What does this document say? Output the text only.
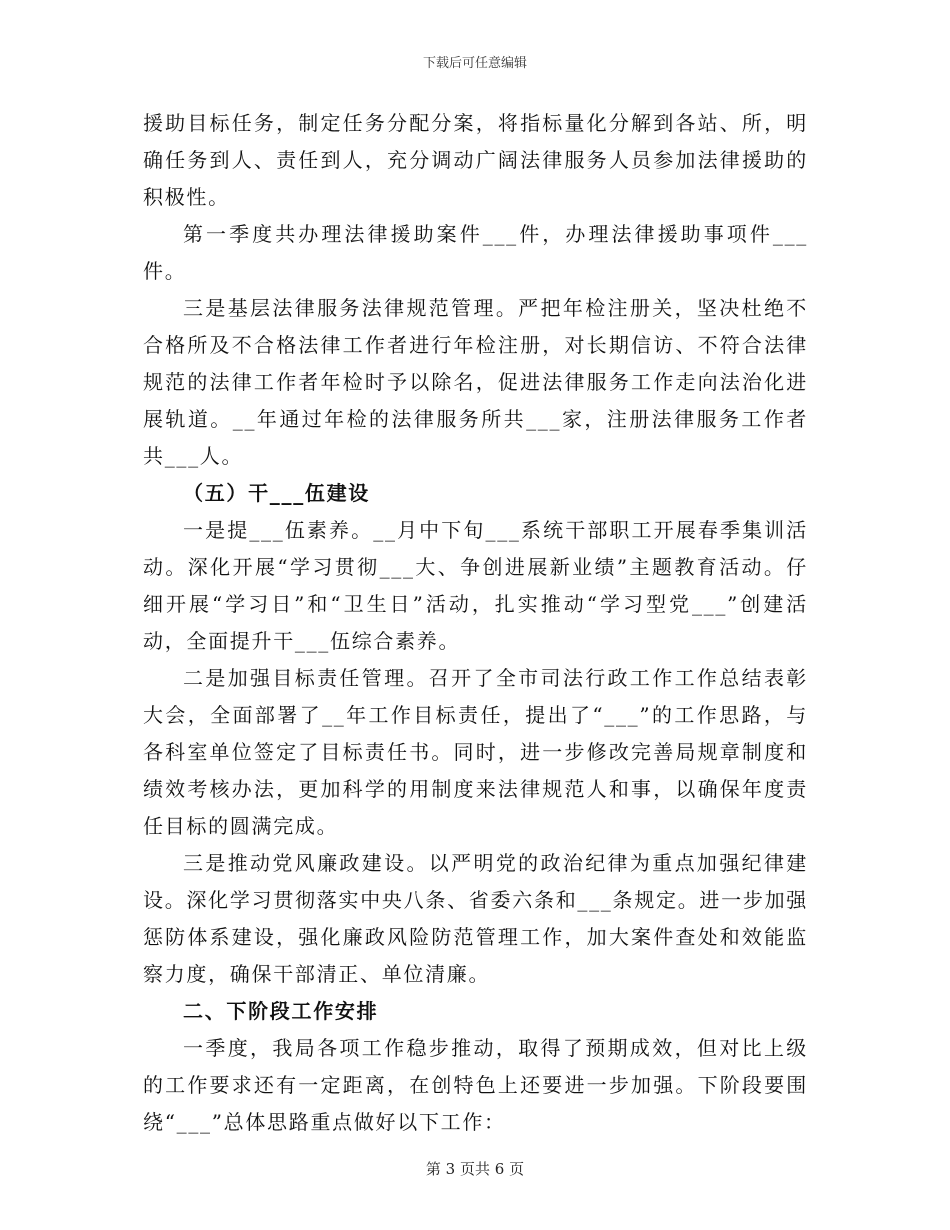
下载后可任意编辑

援助目标任务，制定任务分配分案，将指标量化分解到各站、所，明确任务到人、责任到人，充分调动广阔法律服务人员参加法律援助的积极性。

第一季度共办理法律援助案件___件，办理法律援助事项件___件。

三是基层法律服务法律规范管理。严把年检注册关，坚决杜绝不合格所及不合格法律工作者进行年检注册，对长期信访、不符合法律规范的法律工作者年检时予以除名，促进法律服务工作走向法治化进展轨道。__年通过年检的法律服务所共___家，注册法律服务工作者共___人。

（五）干___伍建设

一是提___伍素养。__月中下旬___系统干部职工开展春季集训活动。深化开展“学习贯彻___大、争创进展新业绩”主题教育活动。仔细开展“学习日”和“卫生日”活动，扎实推动“学习型党___”创建活动，全面提升干___伍综合素养。

二是加强目标责任管理。召开了全市司法行政工作工作总结表彰大会，全面部署了__年工作目标责任，提出了“___”的工作思路，与各科室单位签定了目标责任书。同时，进一步修改完善局规章制度和绩效考核办法，更加科学的用制度来法律规范人和事，以确保年度责任目标的圆满完成。

三是推动党风廉政建设。以严明党的政治纪律为重点加强纪律建设。深化学习贯彻落实中央八条、省委六条和___条规定。进一步加强惩防体系建设，强化廉政风险防范管理工作，加大案件查处和效能监察力度，确保干部清正、单位清廉。

二、下阶段工作安排

一季度，我局各项工作稳步推动，取得了预期成效，但对比上级的工作要求还有一定距离，在创特色上还要进一步加强。下阶段要围绕“___”总体思路重点做好以下工作：

第 3 页共 6 页
